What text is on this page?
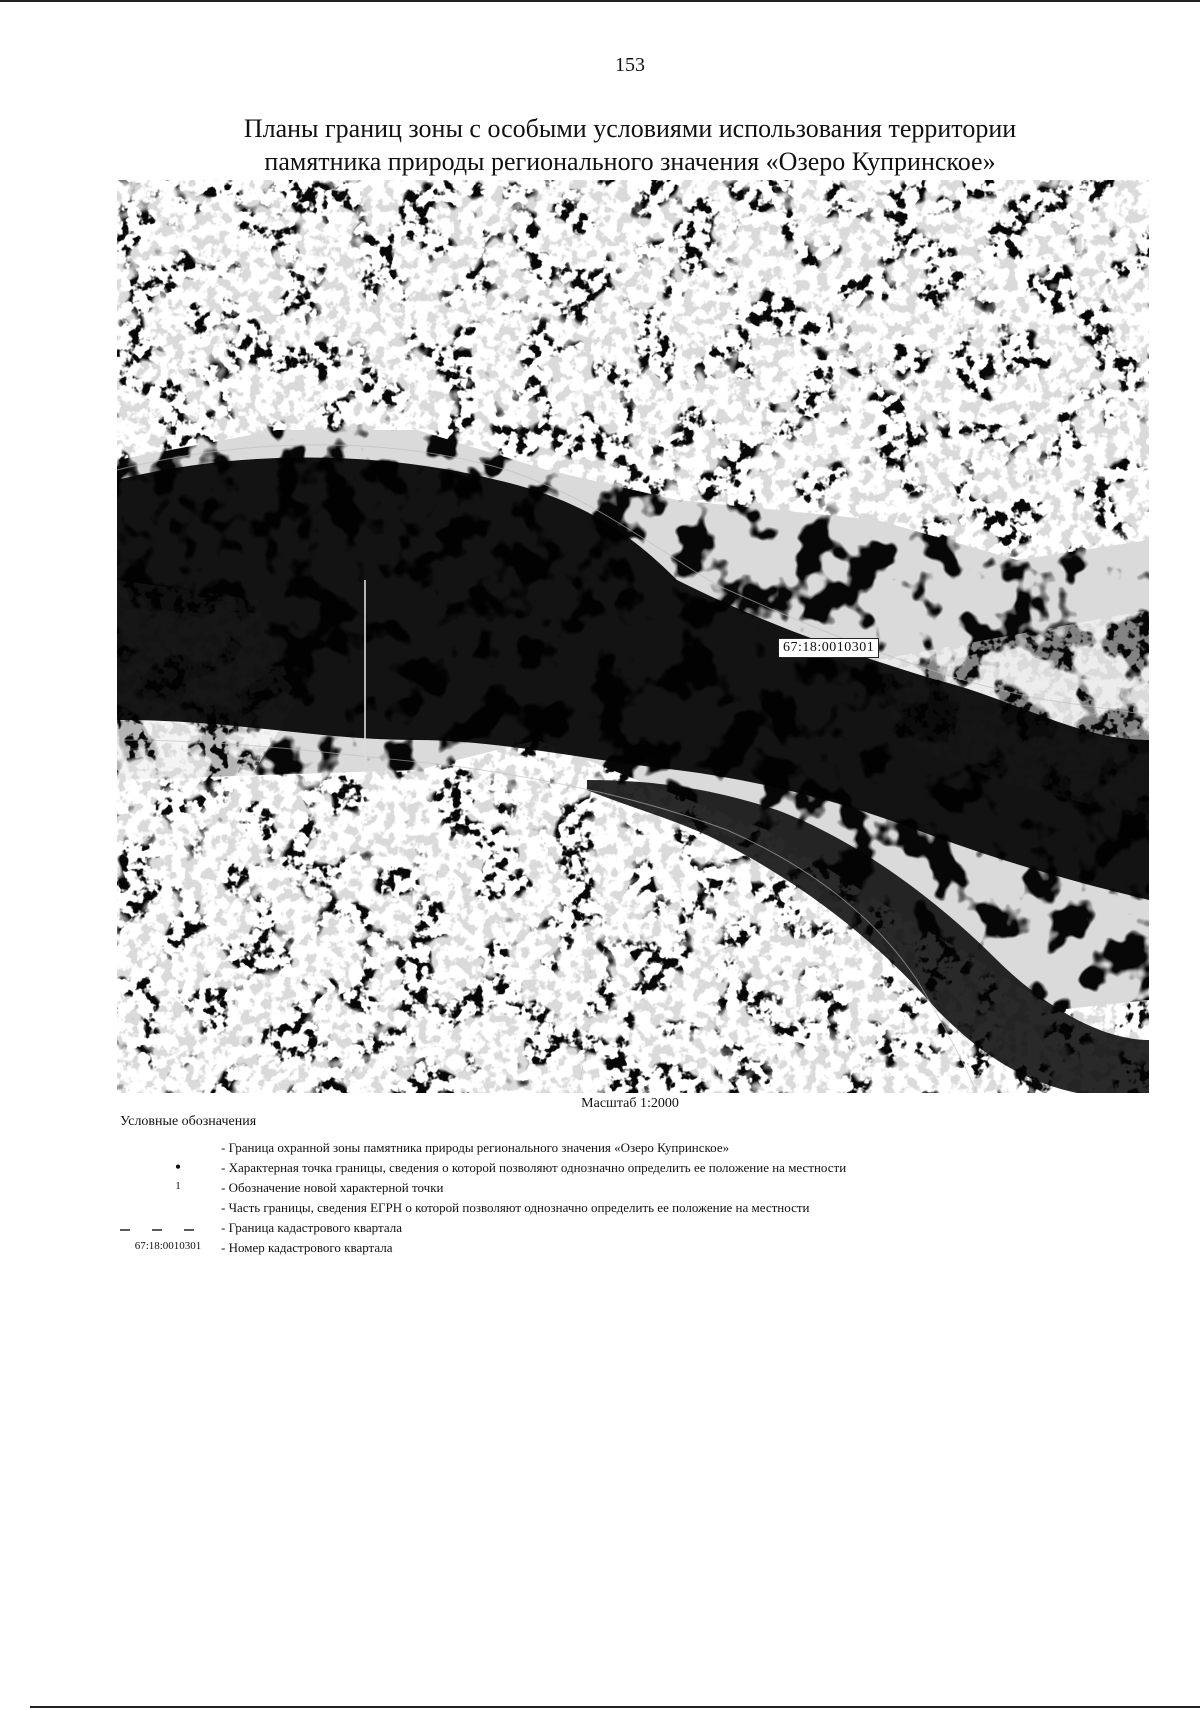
153
Планы границ зоны с особыми условиями использования территории
памятника природы регионального значения «Озеро Купринское»
67:18:0010301
Масштаб 1:2000
Условные обозначения
- Граница охранной зоны памятника природы регионального значения «Озеро Купринское»
•	- Характерная точка границы, сведения о которой позволяют однозначно определить ее положение на местности
1	- Обозначение новой характерной точки
- Часть границы, сведения ЕГРН о которой позволяют однозначно определить ее положение на местности
- Граница кадастрового квартала
67:18:0010301	- Номер кадастрового квартала
